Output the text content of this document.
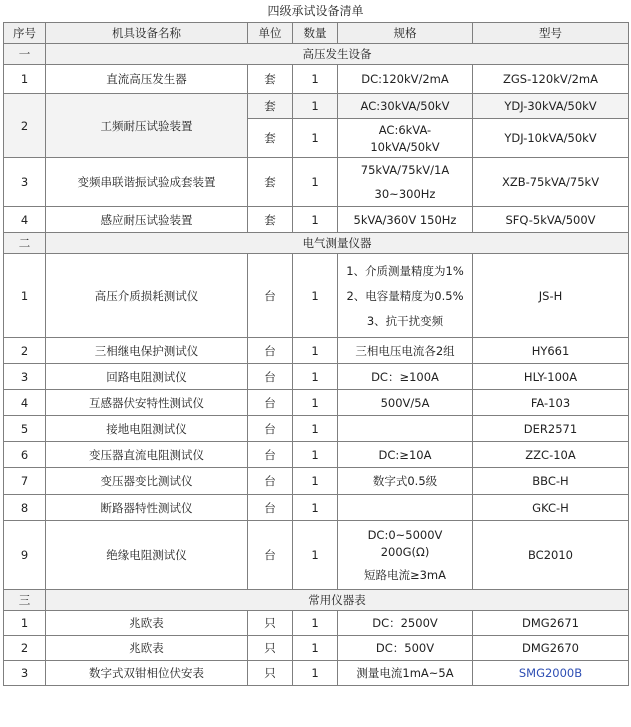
四级承试设备清单
序号	机具设备名称	单位	数量	规格	型号
一	高压发生设备				
1	直流高压发生器	套	1	DC:120kV/2mA	ZGS-120kV/2mA
2	工频耐压试验装置	套	1	AC:30kVA/50kV	YDJ-30kVA/50kV
		套	1	AC:6kVA-
10kVA/50kV	YDJ-10kVA/50kV
3	变频串联谐振试验成套装置	套	1	75kVA/75kV/1A
30~300Hz	XZB-75kVA/75kV
4	感应耐压试验装置	套	1	5kVA/360V 150Hz	SFQ-5kVA/500V
二	电气测量仪器				
1	高压介质损耗测试仪	台	1	1、介质测量精度为1%
2、电容量精度为0.5%
3、抗干扰变频	JS-H
2	三相继电保护测试仪	台	1	三相电压电流各2组	HY661
3	回路电阻测试仪	台	1	DC：≥100A	HLY-100A
4	互感器伏安特性测试仪	台	1	500V/5A	FA-103
5	接地电阻测试仪	台	1		DER2571
6	变压器直流电阻测试仪	台	1	DC:≥10A	ZZC-10A
7	变压器变比测试仪	台	1	数字式0.5级	BBC-H
8	断路器特性测试仪	台	1		GKC-H
9	绝缘电阻测试仪	台	1	DC:0~5000V
200G(Ω)
短路电流≥3mA	BC2010
三	常用仪器表				
1	兆欧表	只	1	DC：2500V	DMG2671
2	兆欧表	只	1	DC：500V	DMG2670
3	数字式双钳相位伏安表	只	1	测量电流1mA~5A	SMG2000B
